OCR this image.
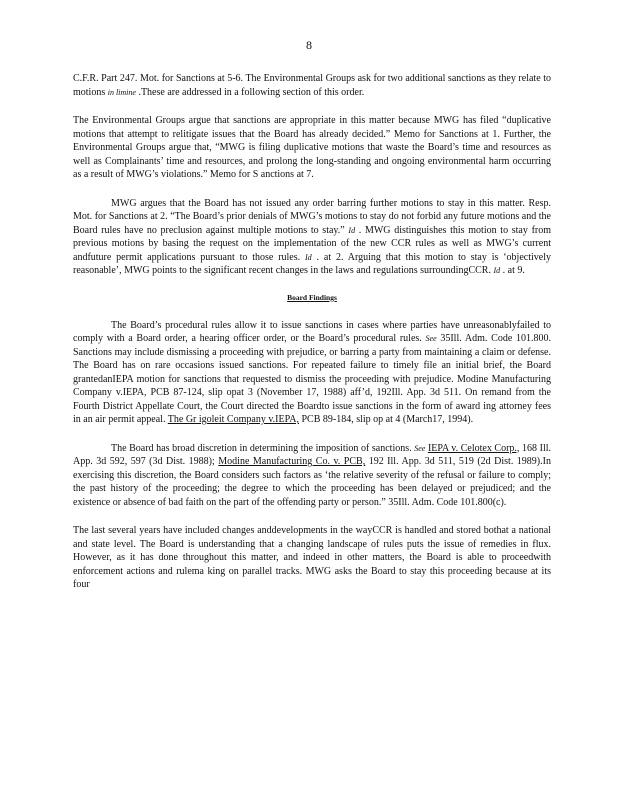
8

C.F.R. Part 247. Mot. for Sanctions at 5-6. The Environmental Groups ask for two additional sanctions as they relate to motions in limine .These are addressed in a following section of this order.

The Environmental Groups argue that sanctions are appropriate in this matter because MWG has filed “duplicative motions that attempt to relitigate issues that the Board has already decided.” Memo for Sanctions at 1. Further, the Environmental Groups argue that, “MWG is filing duplicative motions that waste the Board’s time and resources as well as Complainants’ time and resources, and prolong the long-standing and ongoing environmental harm occurring as a result of MWG’s violations.” Memo for S anctions at 7.

MWG argues that the Board has not issued any order barring further motions to stay in this matter. Resp. Mot. for Sanctions at 2. “The Board’s prior denials of MWG’s motions to stay do not forbid any future motions and the Board rules have no preclusion against multiple motions to stay.” Id . MWG distinguishes this motion to stay from previous motions by basing the request on the implementation of the new CCR rules as well as MWG’s current andfuture permit applications pursuant to those rules. Id . at 2. Arguing that this motion to stay is ‘objectively reasonable’, MWG points to the significant recent changes in the laws and regulations surroundingCCR. Id . at 9.

Board Findings

The Board’s procedural rules allow it to issue sanctions in cases where parties have unreasonablyfailed to comply with a Board order, a hearing officer order, or the Board’s procedural rules. See 35Ill. Adm. Code 101.800. Sanctions may include dismissing a proceeding with prejudice, or barring a party from maintaining a claim or defense. The Board has on rare occasions issued sanctions. For repeated failure to timely file an initial brief, the Board grantedanIEPA motion for sanctions that requested to dismiss the proceeding with prejudice. Modine Manufacturing Company v.IEPA, PCB 87-124, slip opat 3 (November 17, 1988) aff’d, 192Ill. App. 3d 511. On remand from the Fourth District Appellate Court, the Court directed the Boardto issue sanctions in the form of award ing attorney fees in an air permit appeal. The Gr igoleit Company v.IEPA, PCB 89-184, slip op at 4 (March17, 1994).

The Board has broad discretion in determining the imposition of sanctions. See IEPA v. Celotex Corp., 168 Ill. App. 3d 592, 597 (3d Dist. 1988); Modine Manufacturing Co. v. PCB, 192 Ill. App. 3d 511, 519 (2d Dist. 1989).In exercising this discretion, the Board considers such factors as ‘the relative severity of the refusal or failure to comply; the past history of the proceeding; the degree to which the proceeding has been delayed or prejudiced; and the existence or absence of bad faith on the part of the offending party or person.” 35Ill. Adm. Code 101.800(c).

The last several years have included changes anddevelopments in the wayCCR is handled and stored bothat a national and state level. The Board is understanding that a changing landscape of rules puts the issue of remedies in flux. However, as it has done throughout this matter, and indeed in other matters, the Board is able to proceedwith enforcement actions and rulema king on parallel tracks. MWG asks the Board to stay this proceeding because at its four
